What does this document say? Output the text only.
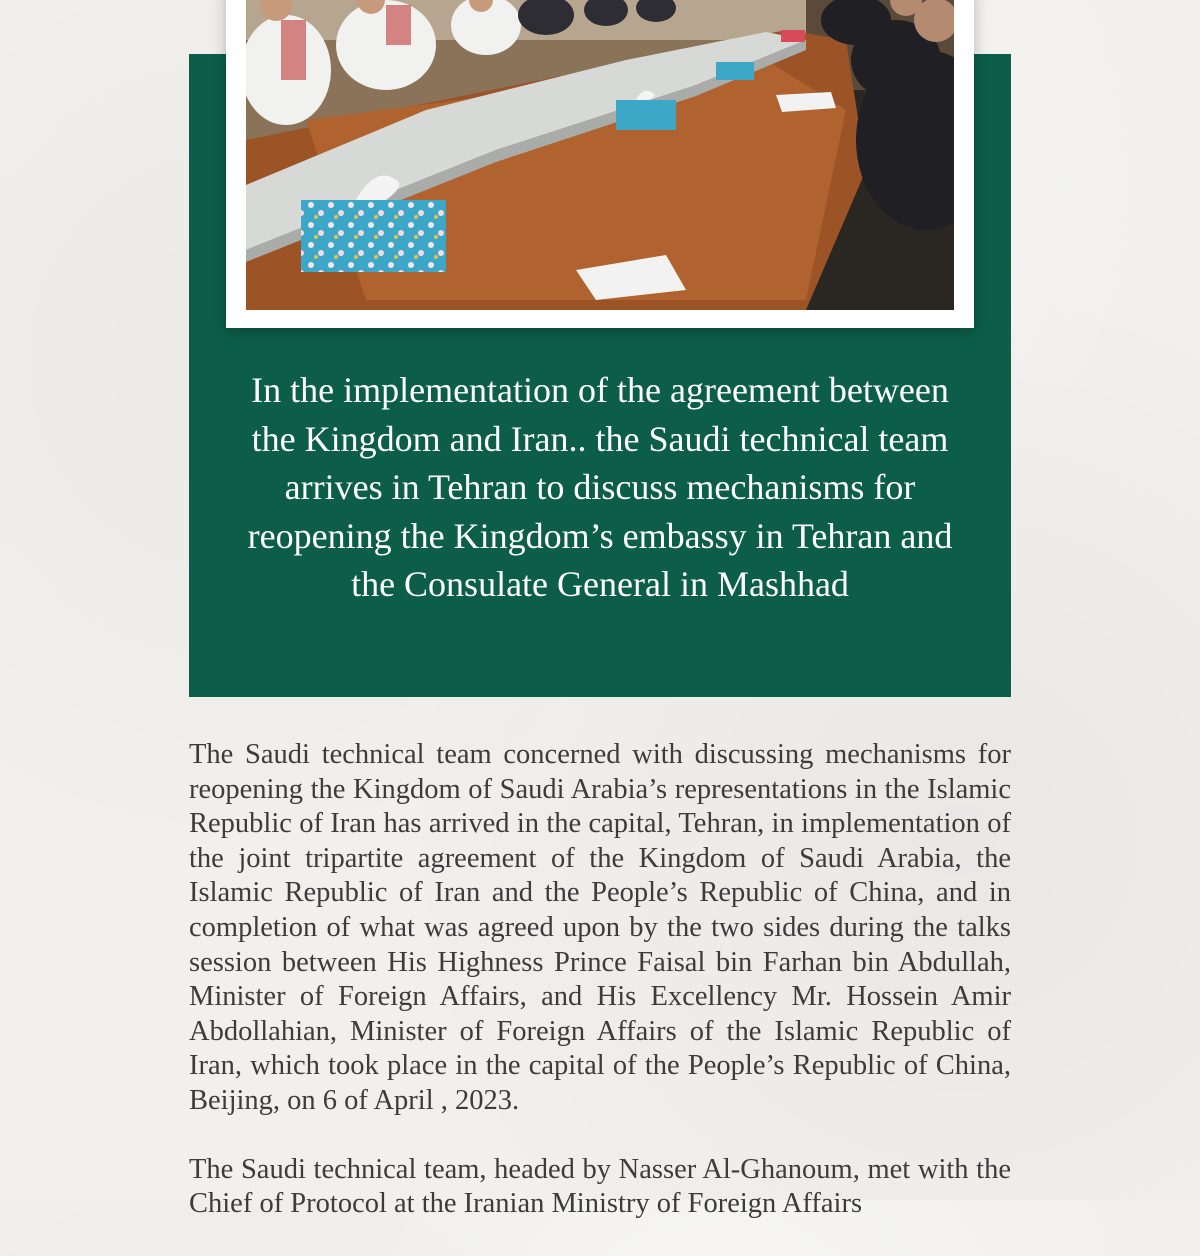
In the implementation of the agreement between the Kingdom and Iran.. the Saudi technical team arrives in Tehran to discuss mechanisms for reopening the Kingdom’s embassy in Tehran and the Consulate General in Mashhad

The Saudi technical team concerned with discussing mechanisms for reopening the Kingdom of Saudi Arabia’s representations in the Islamic Republic of Iran has arrived in the capital, Tehran, in implementation of the joint tripartite agreement of the Kingdom of Saudi Arabia, the Islamic Republic of Iran and the People’s Republic of China, and in completion of what was agreed upon by the two sides during the talks session between His Highness Prince Faisal bin Farhan bin Abdullah, Minister of Foreign Affairs, and His Excellency Mr. Hossein Amir Abdollahian, Minister of Foreign Affairs of the Islamic Republic of Iran, which took place in the capital of the People’s Republic of China, Beijing, on 6 of April , 2023.

The Saudi technical team, headed by Nasser Al-Ghanoum, met with the Chief of Protocol at the Iranian Ministry of Foreign Affairs
